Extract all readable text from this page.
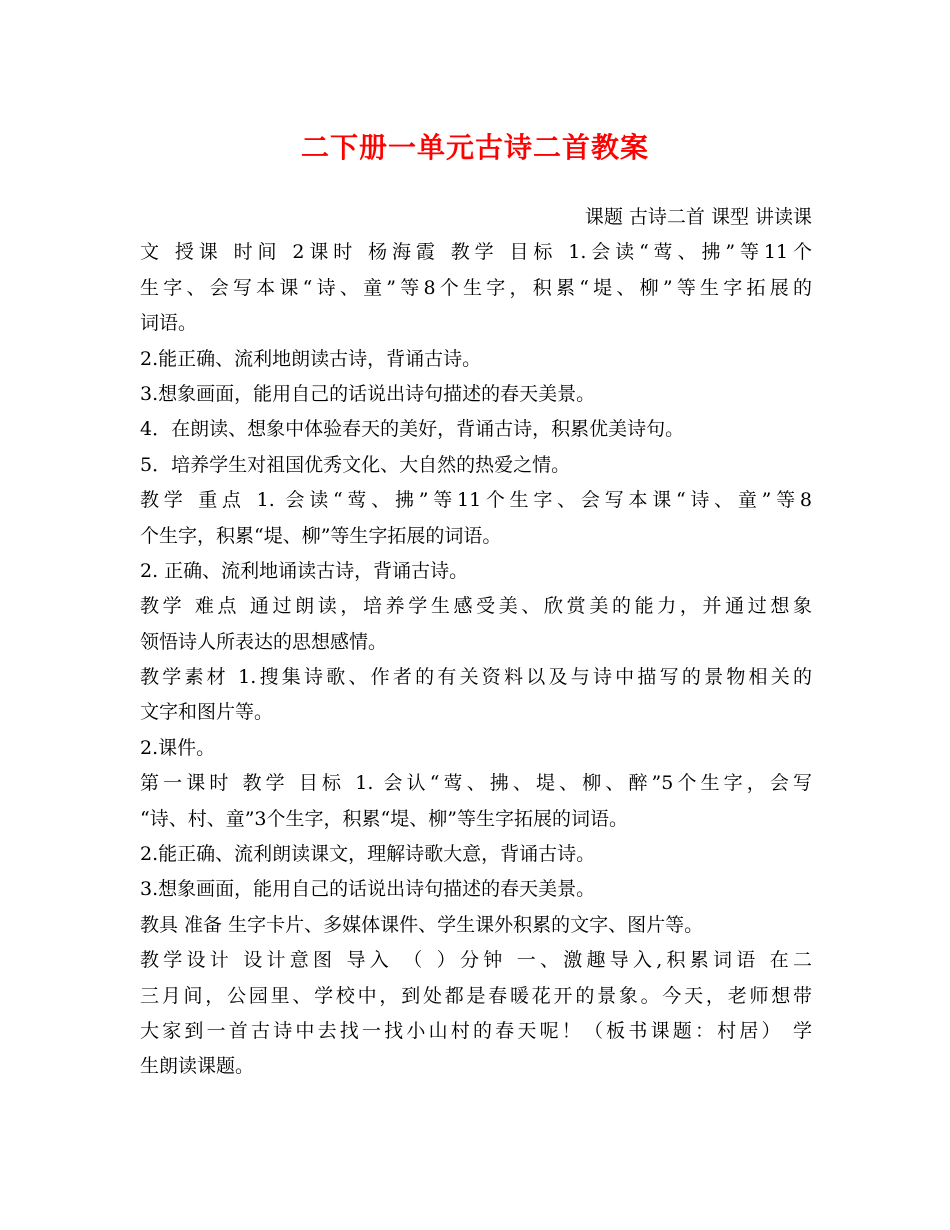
二下册一单元古诗二首教案
课题 古诗二首 课型 讲读课
文 授课 时间 2课时 杨海霞 教学 目标 1.会读“莺、拂”等11个
生字、会写本课“诗、童”等8个生字，积累“堤、柳”等生字拓展的
词语。
2.能正确、流利地朗读古诗，背诵古诗。
3.想象画面，能用自己的话说出诗句描述的春天美景。
4．在朗读、想象中体验春天的美好，背诵古诗，积累优美诗句。
5．培养学生对祖国优秀文化、大自然的热爱之情。
教学 重点 1. 会读“莺、拂”等11个生字、会写本课“诗、童”等8
个生字，积累“堤、柳”等生字拓展的词语。
2. 正确、流利地诵读古诗，背诵古诗。
教学 难点 通过朗读，培养学生感受美、欣赏美的能力，并通过想象
领悟诗人所表达的思想感情。
教学素材 1.搜集诗歌、作者的有关资料以及与诗中描写的景物相关的
文字和图片等。
2.课件。
第一课时 教学 目标 1. 会认“莺、拂、堤、柳、醉”5个生字，会写
“诗、村、童”3个生字，积累“堤、柳”等生字拓展的词语。
2.能正确、流利朗读课文，理解诗歌大意，背诵古诗。
3.想象画面，能用自己的话说出诗句描述的春天美景。
教具 准备 生字卡片、多媒体课件、学生课外积累的文字、图片等。
教学设计 设计意图 导入 （ ）分钟 一、激趣导入,积累词语 在二
三月间，公园里、学校中，到处都是春暖花开的景象。今天，老师想带
大家到一首古诗中去找一找小山村的春天呢！（板书课题：村居） 学
生朗读课题。
